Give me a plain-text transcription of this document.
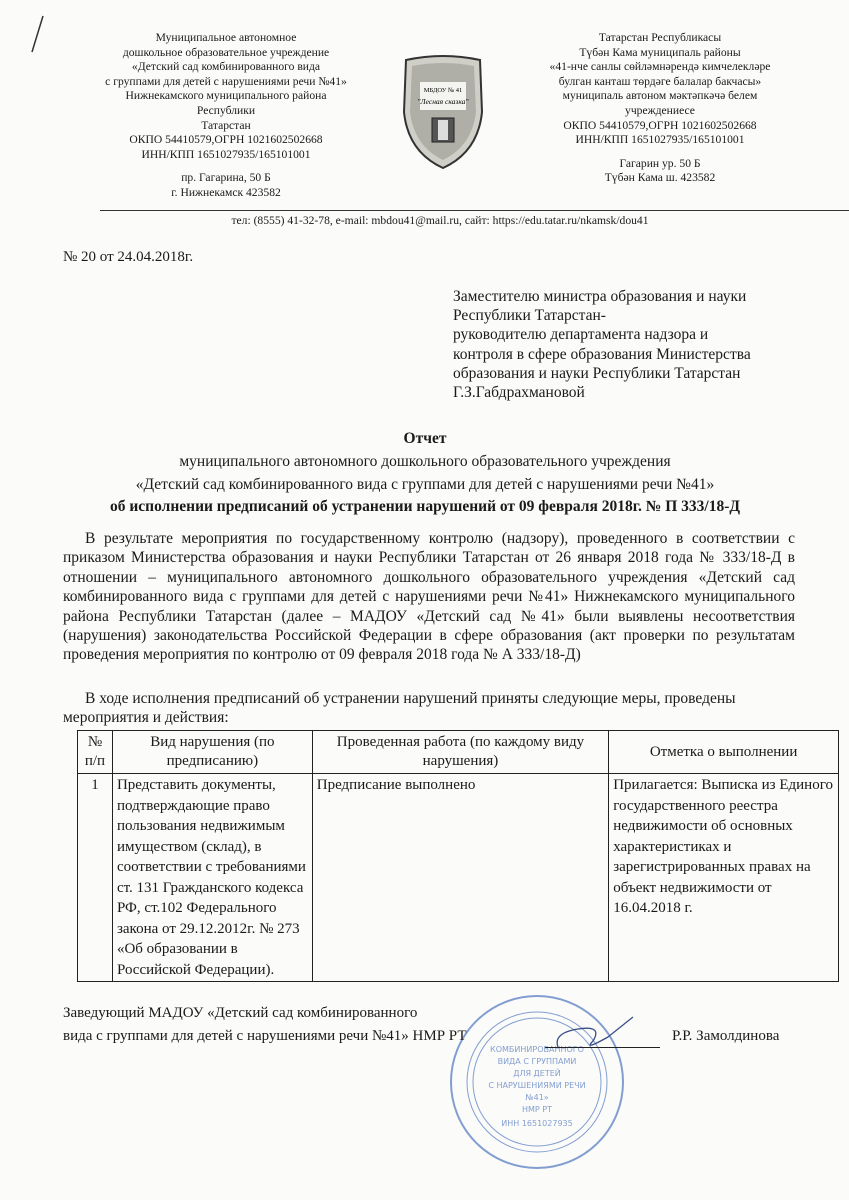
Муниципальное автономное
дошкольное образовательное учреждение
«Детский сад комбинированного вида
с группами для детей с нарушениями речи №41»
Нижнекамского муниципального района Республики
Татарстан
ОКПО 54410579,ОГРН 1021602502668
ИНН/КПП 1651027935/165101001
пр. Гагарина, 50 Б
г. Нижнекамск 423582
МБДОУ № 41
"Лесная сказка"
Татарстан Республикасы
Түбән Кама муниципаль районы
«41-нче санлы сөйләмнәрендә кимчелекләре
булган канташ төрдәге балалар бакчасы»
муниципаль автоном мәктәпкәчә белем
учреждениесе
ОКПО 54410579,ОГРН 1021602502668
ИНН/КПП 1651027935/165101001
Гагарин ур. 50 Б
Түбән Кама ш. 423582
тел: (8555) 41-32-78, e-mail: mbdou41@mail.ru, сайт: https://edu.tatar.ru/nkamsk/dou41
№ 20 от 24.04.2018г.
Заместителю министра образования и науки
Республики Татарстан-
руководителю департамента надзора и
контроля в сфере образования Министерства
образования и науки Республики Татарстан
Г.З.Габдрахмановой
Отчет
муниципального автономного дошкольного образовательного учреждения
«Детский сад комбинированного вида с группами для детей с нарушениями речи №41»
об исполнении предписаний об устранении нарушений от 09 февраля 2018г. № П 333/18-Д
В результате мероприятия по государственному контролю (надзору), проведенного в соответствии с приказом Министерства образования и науки Республики Татарстан от 26 января 2018 года № 333/18-Д в отношении – муниципального автономного дошкольного образовательного учреждения «Детский сад комбинированного вида с группами для детей с нарушениями речи №41» Нижнекамского муниципального района Республики Татарстан (далее – МАДОУ «Детский сад №41» были выявлены несоответствия (нарушения) законодательства Российской Федерации в сфере образования (акт проверки по результатам проведения мероприятия по контролю от 09 февраля 2018 года № А 333/18-Д)
В ходе исполнения предписаний об устранении нарушений приняты следующие меры, проведены мероприятия и действия:
№ п/п	Вид нарушения (по предписанию)	Проведенная работа (по каждому виду нарушения)	Отметка о выполнении
1	Представить документы, подтверждающие право пользования недвижимым имуществом (склад), в соответствии с требованиями ст. 131 Гражданского кодекса РФ, ст.102 Федерального закона от 29.12.2012г. № 273 «Об образовании в Российской Федерации).	Предписание выполнено	Прилагается: Выписка из Единого государственного реестра недвижимости об основных характеристиках и зарегистрированных правах на объект недвижимости от 16.04.2018 г.
КОМБИНИРОВАННОГО
ВИДА С ГРУППАМИ
ДЛЯ ДЕТЕЙ
С НАРУШЕНИЯМИ РЕЧИ
№41»
НМР РТ
ИНН 1651027935
Заведующий МАДОУ «Детский сад комбинированного
вида с группами для детей с нарушениями речи №41» НМР РТ	Р.Р. Замолдинова
